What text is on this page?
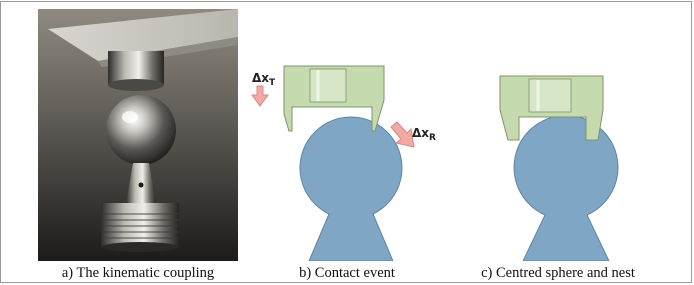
$\Delta x_T$
$\Delta x_R$
a) The kinematic coupling	b) Contact event	c) Centred sphere and nest
